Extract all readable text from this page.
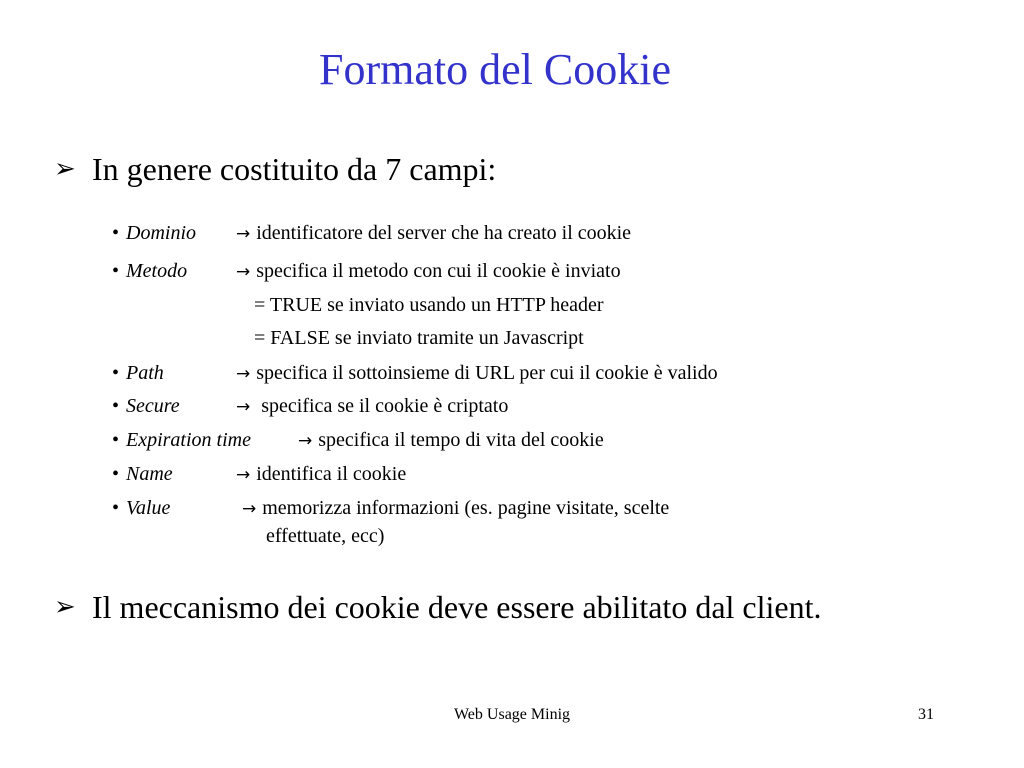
Formato del Cookie
➢ In genere costituito da 7 campi:
• Dominio → identificatore del server che ha creato il cookie
• Metodo	→ specifica il metodo con cui il cookie è inviato
= TRUE se inviato usando un HTTP header
= FALSE se inviato tramite un Javascript
• Path	→ specifica il sottoinsieme di URL per cui il cookie è valido
• Secure	→ specifica se il cookie è criptato
• Expiration time	→ specifica il tempo di vita del cookie
• Name	→ identifica il cookie
• Value	→ memorizza informazioni (es. pagine visitate, scelte
effettuate, ecc)
➢ Il meccanismo dei cookie deve essere abilitato dal client.
Web Usage Minig	31
